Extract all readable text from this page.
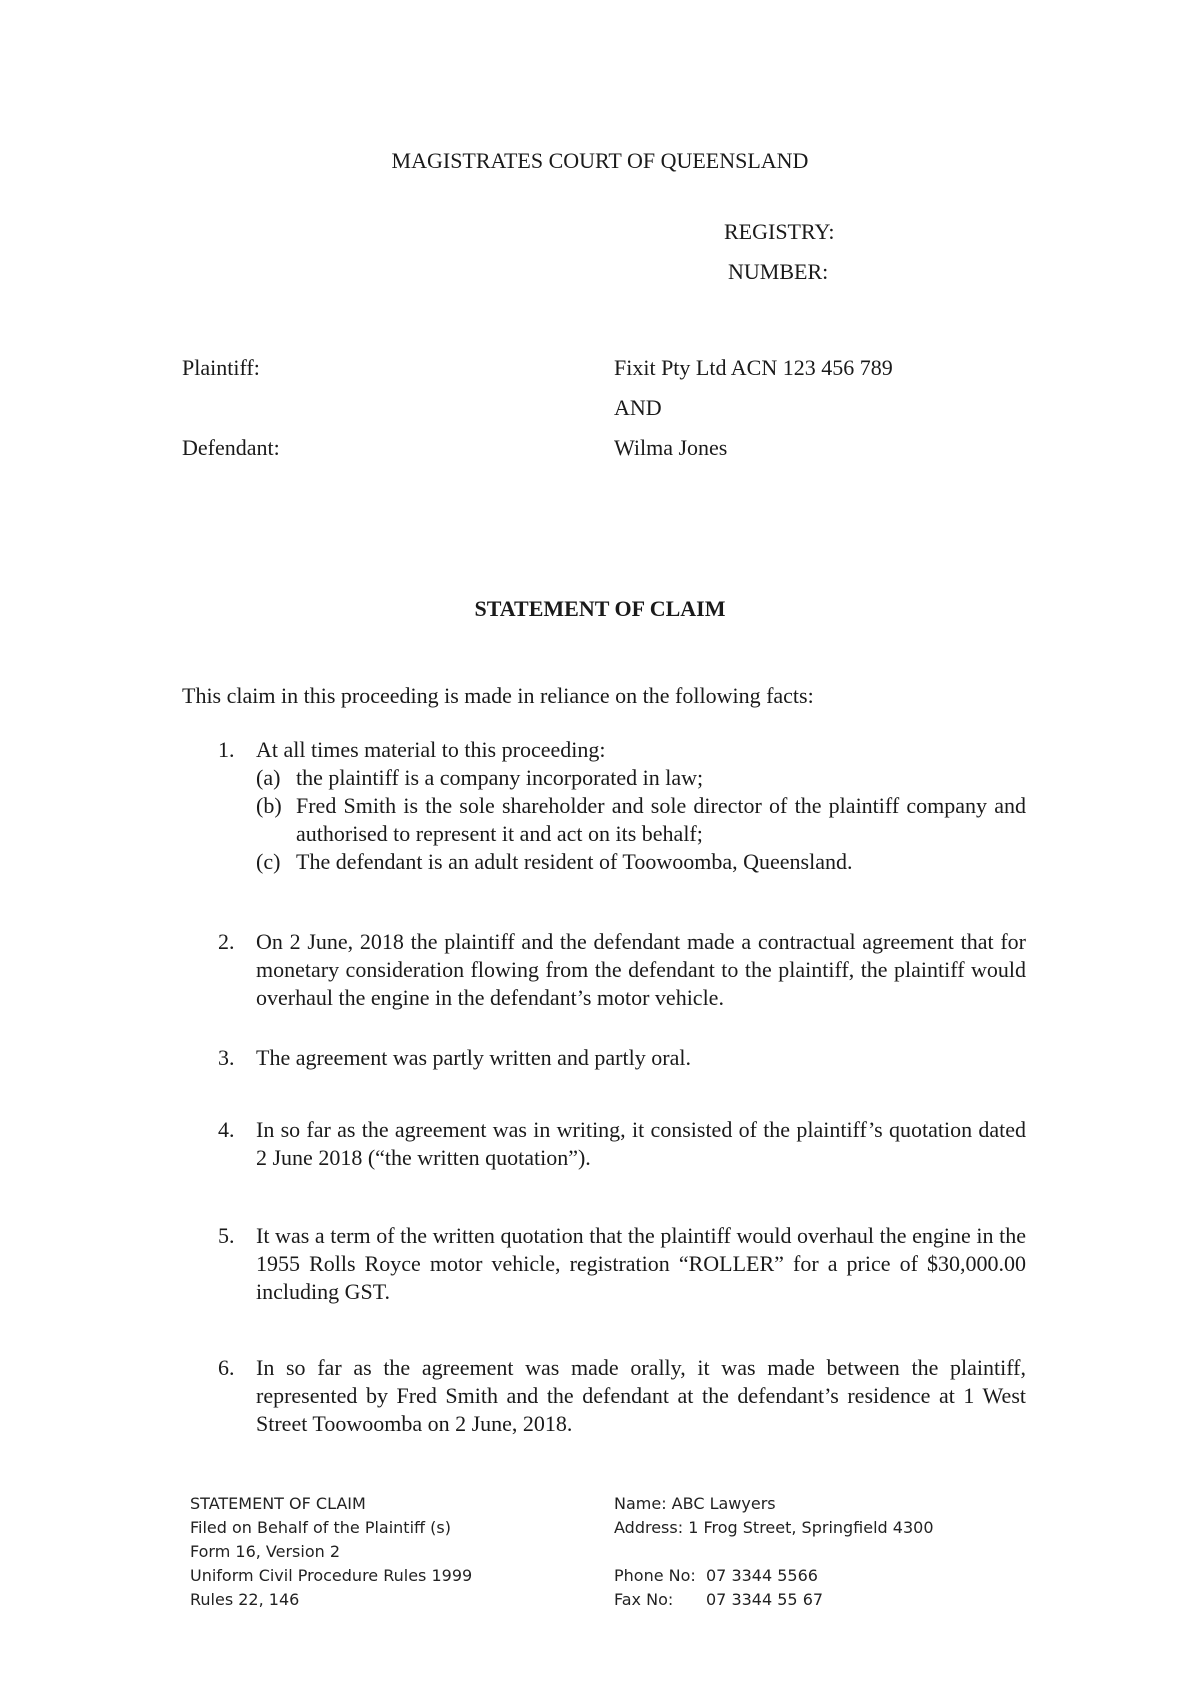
MAGISTRATES COURT OF QUEENSLAND
REGISTRY:
NUMBER:
Plaintiff:	Fixit Pty Ltd ACN 123 456 789
AND
Defendant:	Wilma Jones
STATEMENT OF CLAIM
This claim in this proceeding is made in reliance on the following facts:
1. At all times material to this proceeding:
(a) the plaintiff is a company incorporated in law;
(b) Fred Smith is the sole shareholder and sole director of the plaintiff company and authorised to represent it and act on its behalf;
(c) The defendant is an adult resident of Toowoomba, Queensland.
2. On 2 June, 2018 the plaintiff and the defendant made a contractual agreement that for monetary consideration flowing from the defendant to the plaintiff, the plaintiff would overhaul the engine in the defendant’s motor vehicle.
3. The agreement was partly written and partly oral.
4. In so far as the agreement was in writing, it consisted of the plaintiff’s quotation dated 2 June 2018 (“the written quotation”).
5. It was a term of the written quotation that the plaintiff would overhaul the engine in the 1955 Rolls Royce motor vehicle, registration “ROLLER” for a price of $30,000.00 including GST.
6. In so far as the agreement was made orally, it was made between the plaintiff, represented by Fred Smith and the defendant at the defendant’s residence at 1 West Street Toowoomba on 2 June, 2018.
STATEMENT OF CLAIM
Filed on Behalf of the Plaintiff (s)
Form 16, Version 2
Uniform Civil Procedure Rules 1999
Rules 22, 146
Name: ABC Lawyers
Address: 1 Frog Street, Springfield 4300
Phone No: 07 3344 5566
Fax No: 07 3344 55 67
